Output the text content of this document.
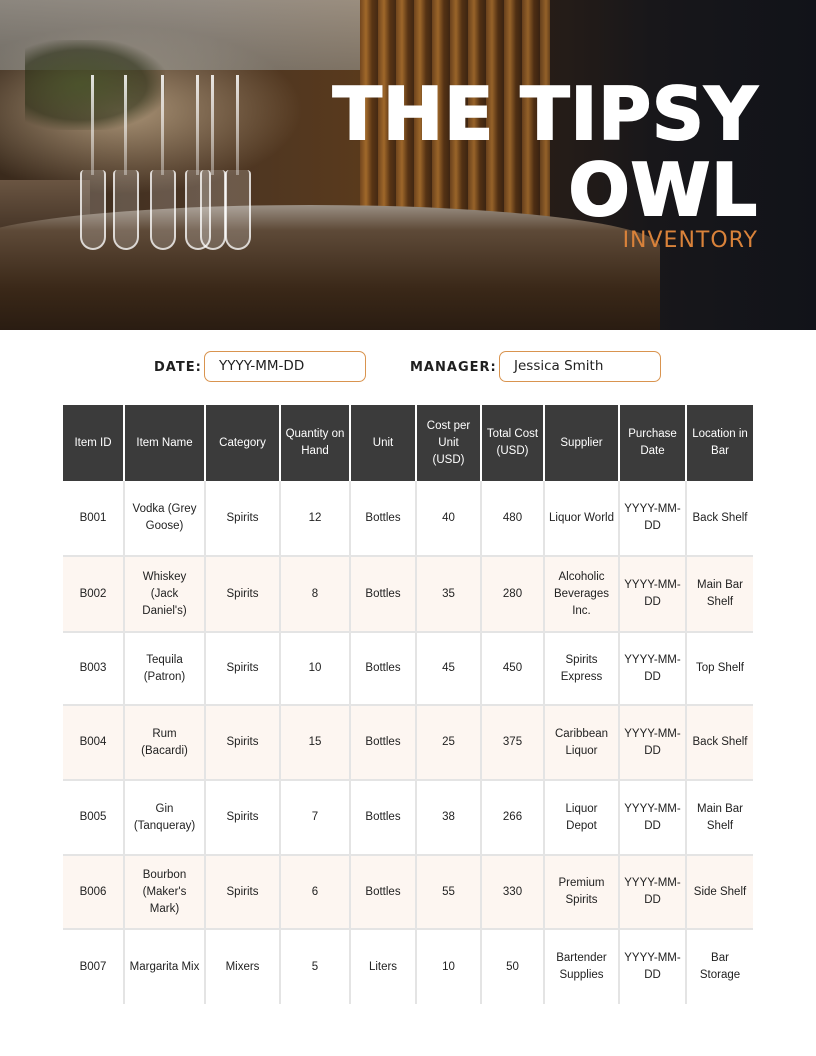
THE TIPSY
OWL
INVENTORY
DATE:	YYYY-MM-DD	MANAGER:	Jessica Smith
Item ID	Item Name	Category	Quantity on Hand	Unit	Cost per Unit (USD)	Total Cost (USD)	Supplier	Purchase Date	Location in Bar
B001	Vodka (Grey Goose)	Spirits	12	Bottles	40	480	Liquor World	YYYY-MM-DD	Back Shelf
B002	Whiskey (Jack Daniel's)	Spirits	8	Bottles	35	280	Alcoholic Beverages Inc.	YYYY-MM-DD	Main Bar Shelf
B003	Tequila (Patron)	Spirits	10	Bottles	45	450	Spirits Express	YYYY-MM-DD	Top Shelf
B004	Rum (Bacardi)	Spirits	15	Bottles	25	375	Caribbean Liquor	YYYY-MM-DD	Back Shelf
B005	Gin (Tanqueray)	Spirits	7	Bottles	38	266	Liquor Depot	YYYY-MM-DD	Main Bar Shelf
B006	Bourbon (Maker's Mark)	Spirits	6	Bottles	55	330	Premium Spirits	YYYY-MM-DD	Side Shelf
B007	Margarita Mix	Mixers	5	Liters	10	50	Bartender Supplies	YYYY-MM-DD	Bar Storage
